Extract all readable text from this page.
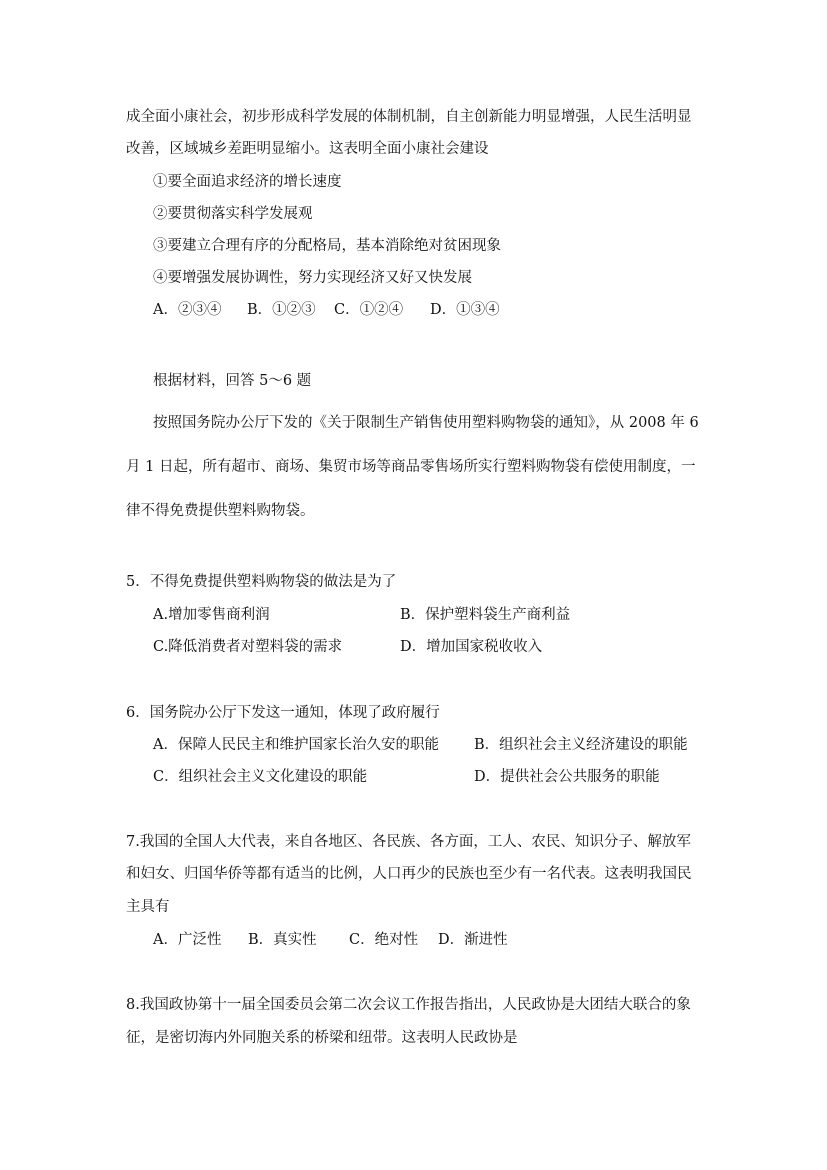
成全面小康社会，初步形成科学发展的体制机制，自主创新能力明显增强，人民生活明显
改善，区域城乡差距明显缩小。这表明全面小康社会建设
①要全面追求经济的增长速度
②要贯彻落实科学发展观
③要建立合理有序的分配格局，基本消除绝对贫困现象
④要增强发展协调性，努力实现经济又好又快发展
A．②③④ B．①②③ C．①②④ D．①③④
根据材料，回答 5～6 题
按照国务院办公厅下发的《关于限制生产销售使用塑料购物袋的通知》，从 2008 年 6
月 1 日起，所有超市、商场、集贸市场等商品零售场所实行塑料购物袋有偿使用制度，一
律不得免费提供塑料购物袋。
5．不得免费提供塑料购物袋的做法是为了
A.增加零售商利润	B．保护塑料袋生产商利益
C.降低消费者对塑料袋的需求	D．增加国家税收收入
6．国务院办公厅下发这一通知，体现了政府履行
A．保障人民民主和维护国家长治久安的职能 B．组织社会主义经济建设的职能
C．组织社会主义文化建设的职能	D．提供社会公共服务的职能
7.我国的全国人大代表，来自各地区、各民族、各方面，工人、农民、知识分子、解放军
和妇女、归国华侨等都有适当的比例，人口再少的民族也至少有一名代表。这表明我国民
主具有
A．广泛性 B．真实性 C．绝对性 D．渐进性
8.我国政协第十一届全国委员会第二次会议工作报告指出，人民政协是大团结大联合的象
征，是密切海内外同胞关系的桥梁和纽带。这表明人民政协是
